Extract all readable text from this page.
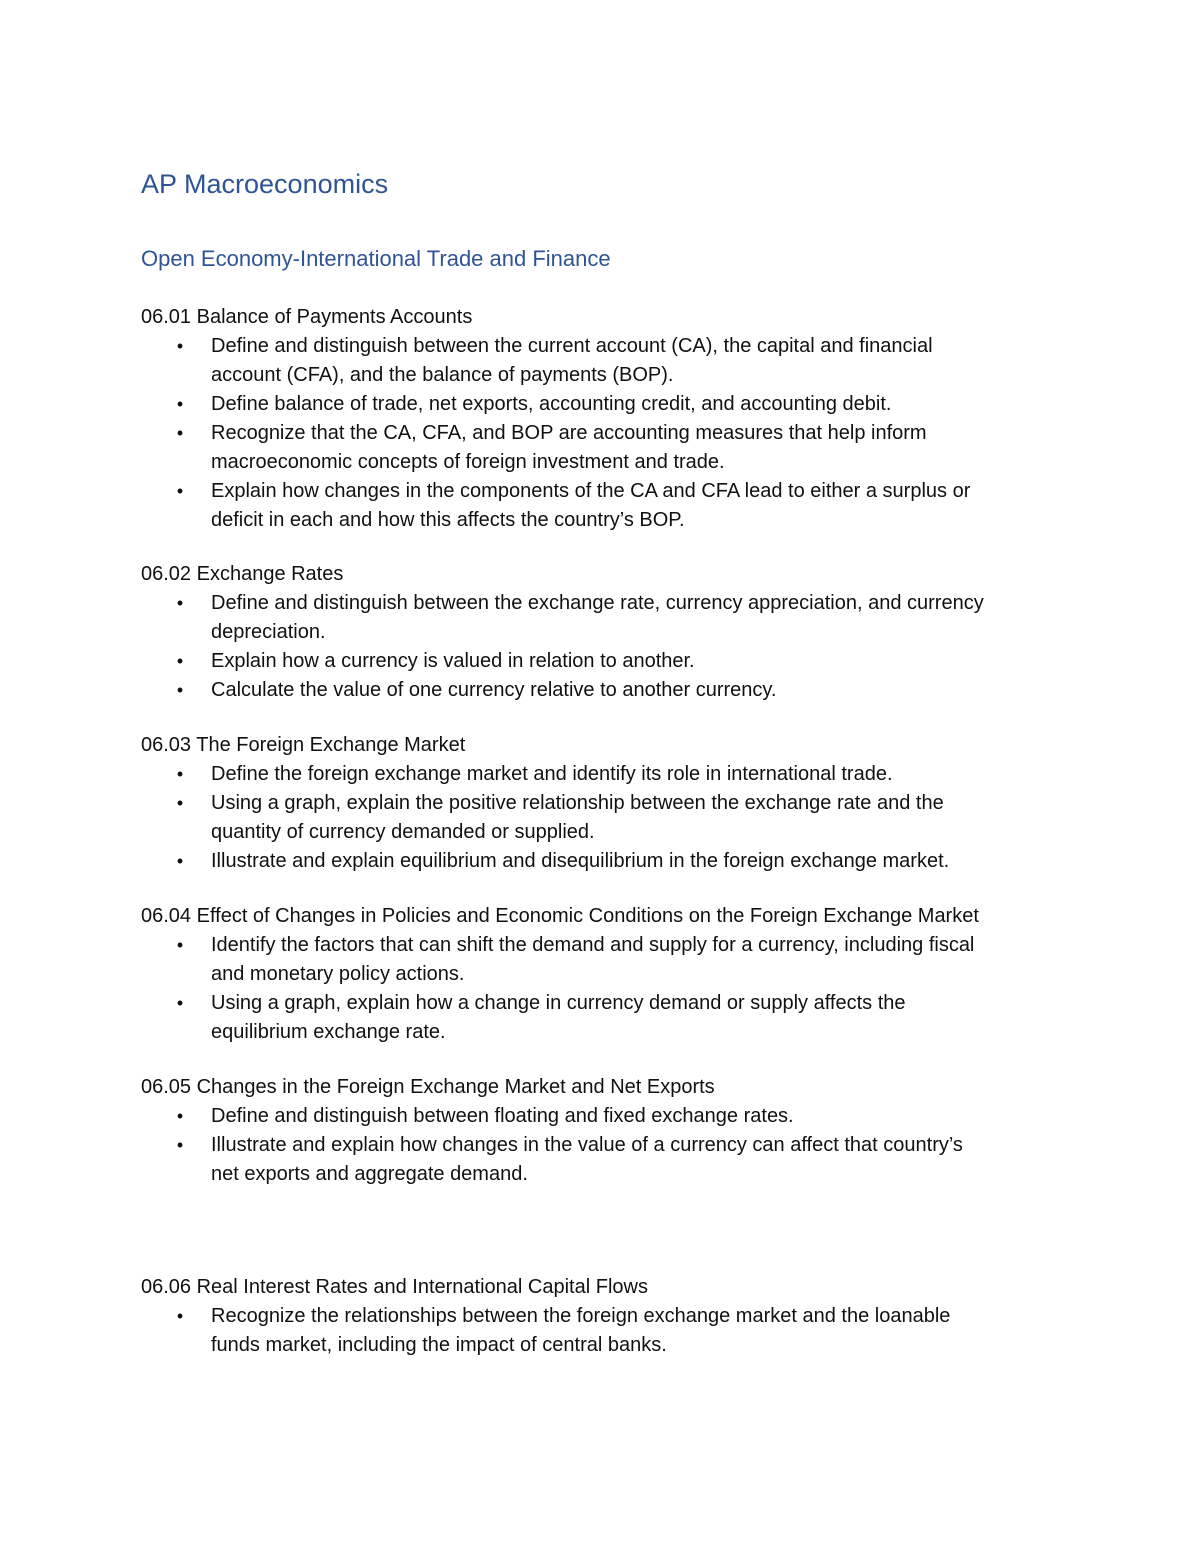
AP Macroeconomics
Open Economy-International Trade and Finance
06.01 Balance of Payments Accounts
• Define and distinguish between the current account (CA), the capital and financial
account (CFA), and the balance of payments (BOP).
• Define balance of trade, net exports, accounting credit, and accounting debit.
• Recognize that the CA, CFA, and BOP are accounting measures that help inform
macroeconomic concepts of foreign investment and trade.
• Explain how changes in the components of the CA and CFA lead to either a surplus or
deficit in each and how this affects the country’s BOP.
06.02 Exchange Rates
• Define and distinguish between the exchange rate, currency appreciation, and currency
depreciation.
• Explain how a currency is valued in relation to another.
• Calculate the value of one currency relative to another currency.
06.03 The Foreign Exchange Market
• Define the foreign exchange market and identify its role in international trade.
• Using a graph, explain the positive relationship between the exchange rate and the
quantity of currency demanded or supplied.
• Illustrate and explain equilibrium and disequilibrium in the foreign exchange market.
06.04 Effect of Changes in Policies and Economic Conditions on the Foreign Exchange Market
• Identify the factors that can shift the demand and supply for a currency, including fiscal
and monetary policy actions.
• Using a graph, explain how a change in currency demand or supply affects the
equilibrium exchange rate.
06.05 Changes in the Foreign Exchange Market and Net Exports
• Define and distinguish between floating and fixed exchange rates.
• Illustrate and explain how changes in the value of a currency can affect that country’s
net exports and aggregate demand.
06.06 Real Interest Rates and International Capital Flows
• Recognize the relationships between the foreign exchange market and the loanable
funds market, including the impact of central banks.
